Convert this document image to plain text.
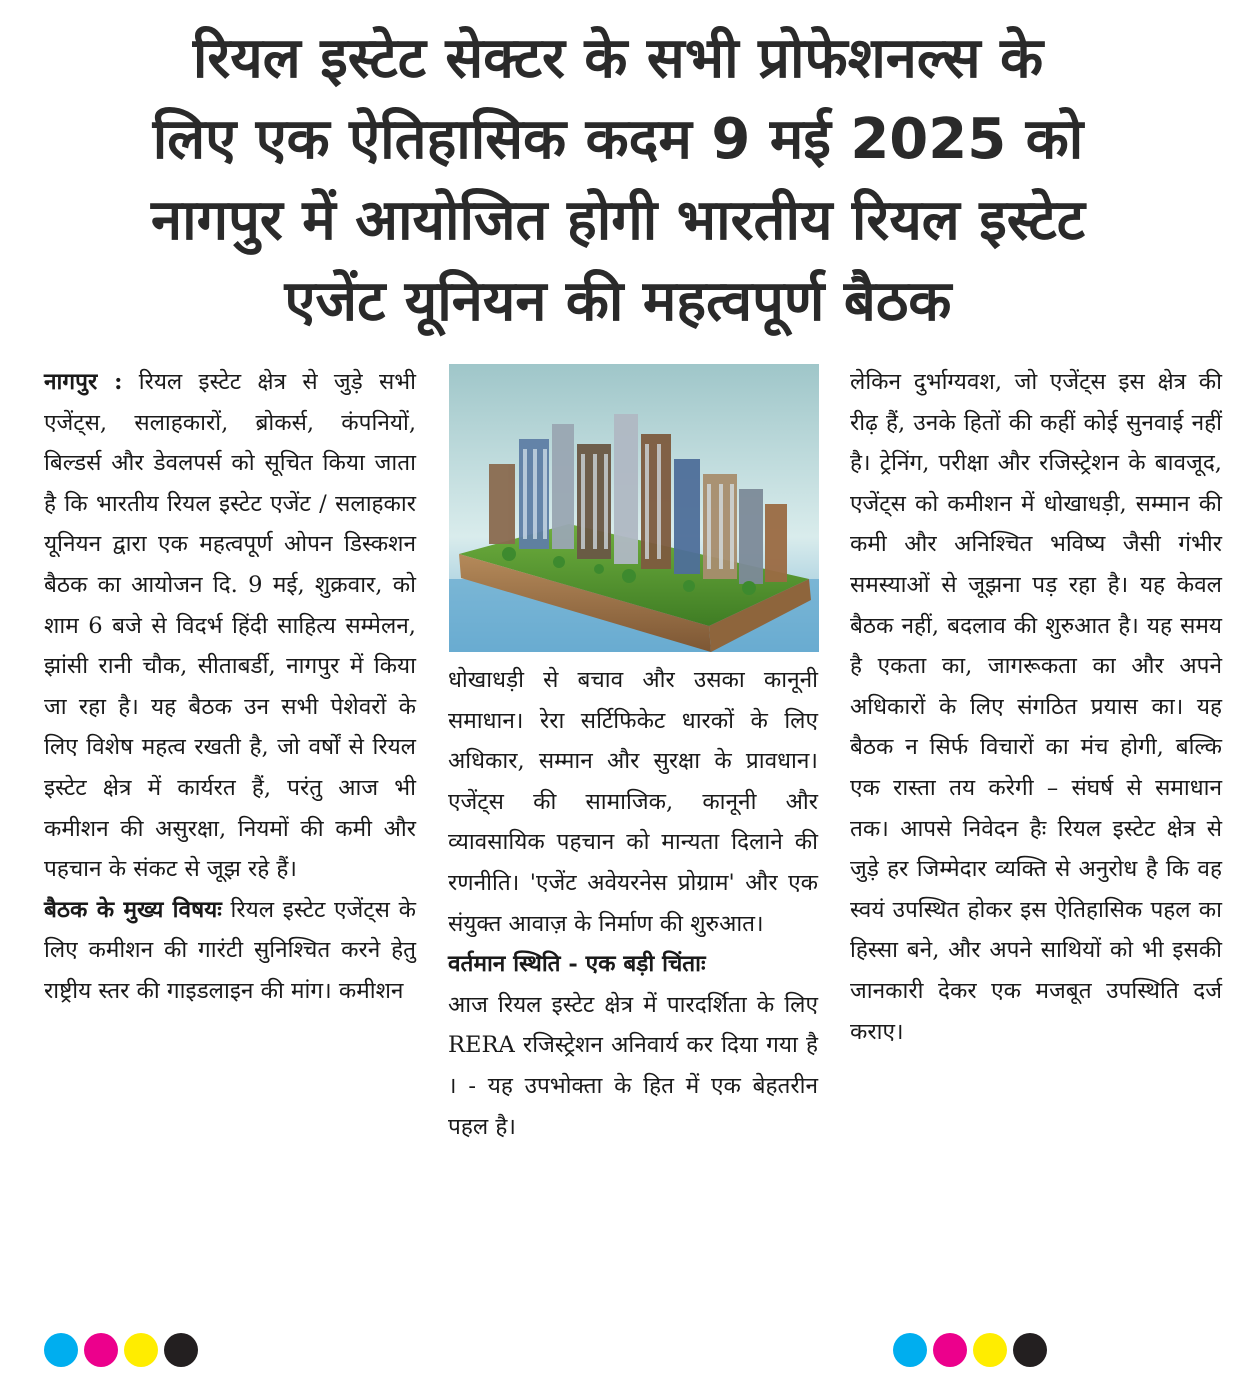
रियल इस्टेट सेक्टर के सभी प्रोफेशनल्स के
लिए एक ऐतिहासिक कदम 9 मई 2025 को
नागपुर में आयोजित होगी भारतीय रियल इस्टेट
एजेंट यूनियन की महत्वपूर्ण बैठक

नागपुर : रियल इस्टेट क्षेत्र से जुड़े सभी एजेंट्स, सलाहकारों, ब्रोकर्स, कंपनियों, बिल्डर्स और डेवलपर्स को सूचित किया जाता है कि भारतीय रियल इस्टेट एजेंट / सलाहकार यूनियन द्वारा एक महत्वपूर्ण ओपन डिस्कशन बैठक का आयोजन दि. 9 मई, शुक्रवार, को शाम 6 बजे से विदर्भ हिंदी साहित्य सम्मेलन, झांसी रानी चौक, सीताबर्डी, नागपुर में किया जा रहा है। यह बैठक उन सभी पेशेवरों के लिए विशेष महत्व रखती है, जो वर्षों से रियल इस्टेट क्षेत्र में कार्यरत हैं, परंतु आज भी कमीशन की असुरक्षा, नियमों की कमी और पहचान के संकट से जूझ रहे हैं।

बैठक के मुख्य विषयः रियल इस्टेट एजेंट्स के लिए कमीशन की गारंटी सुनिश्चित करने हेतु राष्ट्रीय स्तर की गाइडलाइन की मांग। कमीशन

धोखाधड़ी से बचाव और उसका कानूनी समाधान। रेरा सर्टिफिकेट धारकों के लिए अधिकार, सम्मान और सुरक्षा के प्रावधान। एजेंट्स की सामाजिक, कानूनी और व्यावसायिक पहचान को मान्यता दिलाने की रणनीति। 'एजेंट अवेयरनेस प्रोग्राम' और एक संयुक्त आवाज़ के निर्माण की शुरुआत।

वर्तमान स्थिति - एक बड़ी चिंताः

आज रियल इस्टेट क्षेत्र में पारदर्शिता के लिए RERA रजिस्ट्रेशन अनिवार्य कर दिया गया है । - यह उपभोक्ता के हित में एक बेहतरीन पहल है।

लेकिन दुर्भाग्यवश, जो एजेंट्स इस क्षेत्र की रीढ़ हैं, उनके हितों की कहीं कोई सुनवाई नहीं है। ट्रेनिंग, परीक्षा और रजिस्ट्रेशन के बावजूद, एजेंट्स को कमीशन में धोखाधड़ी, सम्मान की कमी और अनिश्चित भविष्य जैसी गंभीर समस्याओं से जूझना पड़ रहा है। यह केवल बैठक नहीं, बदलाव की शुरुआत है। यह समय है एकता का, जागरूकता का और अपने अधिकारों के लिए संगठित प्रयास का। यह बैठक न सिर्फ विचारों का मंच होगी, बल्कि एक रास्ता तय करेगी – संघर्ष से समाधान तक। आपसे निवेदन हैः रियल इस्टेट क्षेत्र से जुड़े हर जिम्मेदार व्यक्ति से अनुरोध है कि वह स्वयं उपस्थित होकर इस ऐतिहासिक पहल का हिस्सा बने, और अपने साथियों को भी इसकी जानकारी देकर एक मजबूत उपस्थिति दर्ज कराए।
